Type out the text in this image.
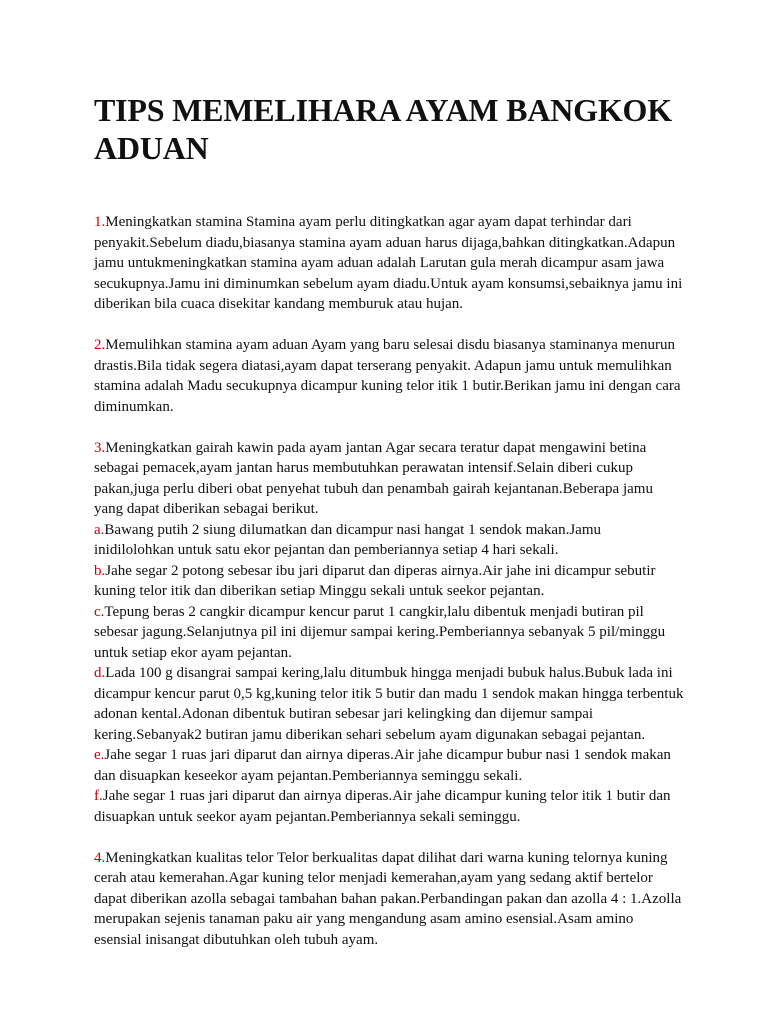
TIPS MEMELIHARA AYAM BANGKOK ADUAN

1.Meningkatkan stamina Stamina ayam perlu ditingkatkan agar ayam dapat terhindar dari penyakit.Sebelum diadu,biasanya stamina ayam aduan harus dijaga,bahkan ditingkatkan.Adapun jamu untukmeningkatkan stamina ayam aduan adalah Larutan gula merah dicampur asam jawa secukupnya.Jamu ini diminumkan sebelum ayam diadu.Untuk ayam konsumsi,sebaiknya jamu ini diberikan bila cuaca disekitar kandang memburuk atau hujan.

2.Memulihkan stamina ayam aduan Ayam yang baru selesai disdu biasanya staminanya menurun drastis.Bila tidak segera diatasi,ayam dapat terserang penyakit. Adapun jamu untuk memulihkan stamina adalah Madu secukupnya dicampur kuning telor itik 1 butir.Berikan jamu ini dengan cara diminumkan.

3.Meningkatkan gairah kawin pada ayam jantan Agar secara teratur dapat mengawini betina sebagai pemacek,ayam jantan harus membutuhkan perawatan intensif.Selain diberi cukup pakan,juga perlu diberi obat penyehat tubuh dan penambah gairah kejantanan.Beberapa jamu yang dapat diberikan sebagai berikut.

a.Bawang putih 2 siung dilumatkan dan dicampur nasi hangat 1 sendok makan.Jamu inidilolohkan untuk satu ekor pejantan dan pemberiannya setiap 4 hari sekali.

b.Jahe segar 2 potong sebesar ibu jari diparut dan diperas airnya.Air jahe ini dicampur sebutir kuning telor itik dan diberikan setiap Minggu sekali untuk seekor pejantan.

c.Tepung beras 2 cangkir dicampur kencur parut 1 cangkir,lalu dibentuk menjadi butiran pil sebesar jagung.Selanjutnya pil ini dijemur sampai kering.Pemberiannya sebanyak 5 pil/minggu untuk setiap ekor ayam pejantan.

d.Lada 100 g disangrai sampai kering,lalu ditumbuk hingga menjadi bubuk halus.Bubuk lada ini dicampur kencur parut 0,5 kg,kuning telor itik 5 butir dan madu 1 sendok makan hingga terbentuk adonan kental.Adonan dibentuk butiran sebesar jari kelingking dan dijemur sampai kering.Sebanyak2 butiran jamu diberikan sehari sebelum ayam digunakan sebagai pejantan.

e.Jahe segar 1 ruas jari diparut dan airnya diperas.Air jahe dicampur bubur nasi 1 sendok makan dan disuapkan keseekor ayam pejantan.Pemberiannya seminggu sekali.

f.Jahe segar 1 ruas jari diparut dan airnya diperas.Air jahe dicampur kuning telor itik 1 butir dan disuapkan untuk seekor ayam pejantan.Pemberiannya sekali seminggu.

4.Meningkatkan kualitas telor Telor berkualitas dapat dilihat dari warna kuning telornya kuning cerah atau kemerahan.Agar kuning telor menjadi kemerahan,ayam yang sedang aktif bertelor dapat diberikan azolla sebagai tambahan bahan pakan.Perbandingan pakan dan azolla 4 : 1.Azolla merupakan sejenis tanaman paku air yang mengandung asam amino esensial.Asam amino esensial inisangat dibutuhkan oleh tubuh ayam.
